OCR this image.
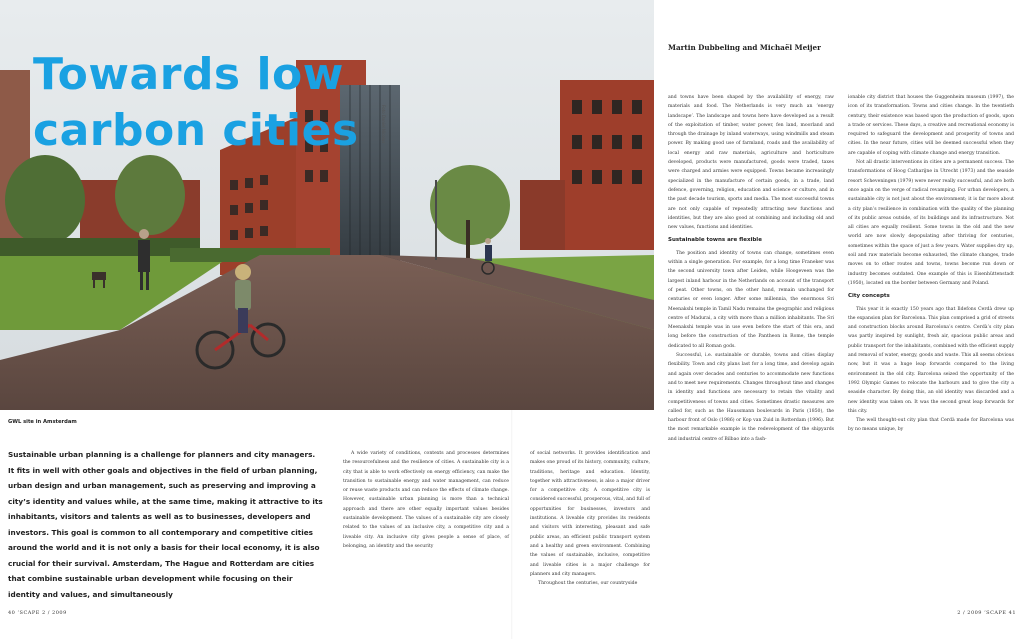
Towards low
carbon cities	Foto Daniel Nicolas
Martin Dubbeling and Michaël Meijer
GWL site in Amsterdam
Sustainable urban planning is a challenge for planners and city managers. It fits in well with other goals and objectives in the field of urban planning, urban design and urban management, such as preserving and improving a city’s identity and values while, at the same time, making it attractive to its inhabitants, visitors and talents as well as to businesses, developers and investors. This goal is common to all contemporary and competitive cities around the world and it is not only a basis for their local economy, it is also crucial for their survival. Amsterdam, The Hague and Rotterdam are cities that combine sustainable urban development while focusing on their identity and values, and simultaneously

A wide variety of conditions, contexts and processes determines the resourcefulness and the resilience of cities. A sustainable city is a city that is able to work effectively on energy efficiency, can make the transition to sustainable energy and water management, can reduce or reuse waste products and can reduce the effects of climate change. However, sustainable urban planning is more than a technical approach and there are other equally important values besides sustainable development. The values of a sustainable city are closely related to the values of an inclusive city, a competitive city and a liveable city. An inclusive city gives people a sense of place, of belonging, an identity and the security

of social networks. It provides identification and makes one proud of its history, community, culture, traditions, heritage and education. Identity, together with attractiveness, is also a major driver for a competitive city. A competitive city is considered successful, prosperous, vital, and full of opportunities for businesses, investors and institutions. A liveable city provides its residents and visitors with interesting, pleasant and safe public areas, an efficient public transport system and a healthy and green environment. Combining the values of sustainable, inclusive, competitive and liveable cities is a major challenge for planners and city managers.

Throughout the centuries, our countryside

and towns have been shaped by the availability of energy, raw materials and food. The Netherlands is very much an ‘energy landscape’. The landscape and towns here have developed as a result of the exploitation of timber, water power, fen land, moorland and through the drainage by inland waterways, using windmills and steam power. By making good use of farmland, roads and the availability of local energy and raw materials, agriculture and horticulture developed, products were manufactured, goods were traded, taxes were charged and armies were equipped. Towns became increasingly specialized in the manufacture of certain goods, in a trade, land defence, governing, religion, education and science or culture, and in the past decade tourism, sports and media. The most successful towns are not only capable of repeatedly attracting new functions and identities, but they are also good at combining and including old and new values, functions and identities.

Sustainable towns are flexible

The position and identity of towns can change, sometimes even within a single generation. For example, for a long time Franeker was the second university town after Leiden, while Hoogeveen was the largest inland harbour in the Netherlands on account of the transport of peat. Other towns, on the other hand, remain unchanged for centuries or even longer. After some millennia, the enormous Sri Meenakshi temple in Tamil Nadu remains the geographic and religious centre of Madurai, a city with more than a million inhabitants. The Sri Meenakshi temple was in use even before the start of this era, and long before the construction of the Pantheon in Rome, the temple dedicated to all Roman gods.

Successful, i.e. sustainable or durable, towns and cities display flexibility. Town and city plans last for a long time, and develop again and again over decades and centuries to accommodate new functions and to meet new requirements. Changes throughout time and changes in identity and functions are necessary to retain the vitality and competitiveness of towns and cities. Sometimes drastic measures are called for, such as the Haussmann boulevards in Paris (1850), the harbour front of Oslo (1986) or Kop van Zuid in Rotterdam (1996). But the most remarkable example is the redevelopment of the shipyards and industrial centre of Bilbao into a fash-

ionable city district that houses the Guggenheim museum (1997), the icon of its transformation. Towns and cities change. In the twentieth century, their existence was based upon the production of goods, upon a trade or services. These days, a creative and recreational economy is required to safeguard the development and prosperity of towns and cities. In the near future, cities will be deemed successful when they are capable of coping with climate change and energy transition.

Not all drastic interventions in cities are a permanent success. The transformations of Hoog Catharijne in Utrecht (1973) and the seaside resort Scheveningen (1979) were never really successful, and are both once again on the verge of radical revamping. For urban developers, a sustainable city is not just about the environment; it is far more about a city plan’s resilience in combination with the quality of the planning of its public areas outside, of its buildings and its infrastructure. Not all cities are equally resilient. Some towns in the old and the new world are now slowly depopulating after thriving for centuries, sometimes within the space of just a few years. Water supplies dry up, soil and raw materials become exhausted, the climate changes, trade moves on to other routes and towns, towns become run down or industry becomes outdated. One example of this is Eisenhüttenstadt (1950), located on the border between Germany and Poland.

City concepts

This year it is exactly 150 years ago that Ildefons Cerdà drew up the expansion plan for Barcelona. This plan comprised a grid of streets and construction blocks around Barcelona’s centre. Cerdà’s city plan was partly inspired by sunlight, fresh air, spacious public areas and public transport for the inhabitants, combined with the efficient supply and removal of water, energy, goods and waste. This all seems obvious now, but it was a huge leap forwards compared to the living environment in the old city. Barcelona seized the opportunity of the 1992 Olympic Games to relocate the harbours and to give the city a seaside character. By doing this, an old identity was discarded and a new identity was taken on. It was the second great leap forwards for this city.

The well thought-out city plan that Cerdà made for Barcelona was by no means unique, by

40 ’SCAPE 2 / 2009	2 / 2009 ’SCAPE 41
